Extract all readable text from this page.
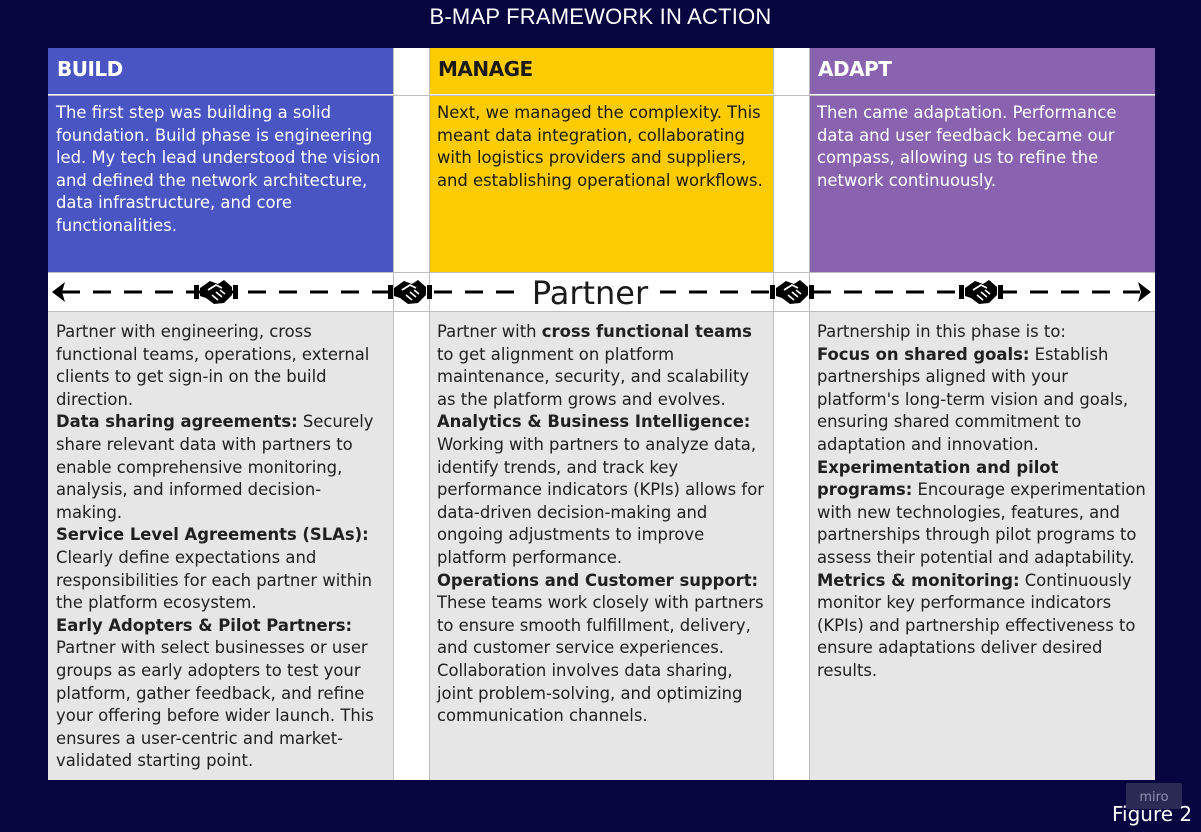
B-MAP FRAMEWORK IN ACTION
BUILD
The first step was building a solid foundation. Build phase is engineering led. My tech lead understood the vision and defined the network architecture, data infrastructure, and core functionalities.

Partner with engineering, cross functional teams, operations, external clients to get sign-in on the build direction.

Data sharing agreements: Securely share relevant data with partners to enable comprehensive monitoring, analysis, and informed decision-making.

Service Level Agreements (SLAs): Clearly define expectations and responsibilities for each partner within the platform ecosystem.

Early Adopters & Pilot Partners: Partner with select businesses or user groups as early adopters to test your platform, gather feedback, and refine your offering before wider launch. This ensures a user-centric and market-validated starting point.

MANAGE
Next, we managed the complexity. This meant data integration, collaborating with logistics providers and suppliers, and establishing operational workflows.

Partner with cross functional teams to get alignment on platform maintenance, security, and scalability as the platform grows and evolves.

Analytics & Business Intelligence: Working with partners to analyze data, identify trends, and track key performance indicators (KPIs) allows for data-driven decision-making and ongoing adjustments to improve platform performance.

Operations and Customer support: These teams work closely with partners to ensure smooth fulfillment, delivery, and customer service experiences. Collaboration involves data sharing, joint problem-solving, and optimizing communication channels.

ADAPT
Then came adaptation. Performance data and user feedback became our compass, allowing us to refine the network continuously.

Partnership in this phase is to:

Focus on shared goals: Establish partnerships aligned with your platform's long-term vision and goals, ensuring shared commitment to adaptation and innovation.

Experimentation and pilot programs: Encourage experimentation with new technologies, features, and partnerships through pilot programs to assess their potential and adaptability.

Metrics & monitoring: Continuously monitor key performance indicators (KPIs) and partnership effectiveness to ensure adaptations deliver desired results.

Partner
miro
Figure 2
